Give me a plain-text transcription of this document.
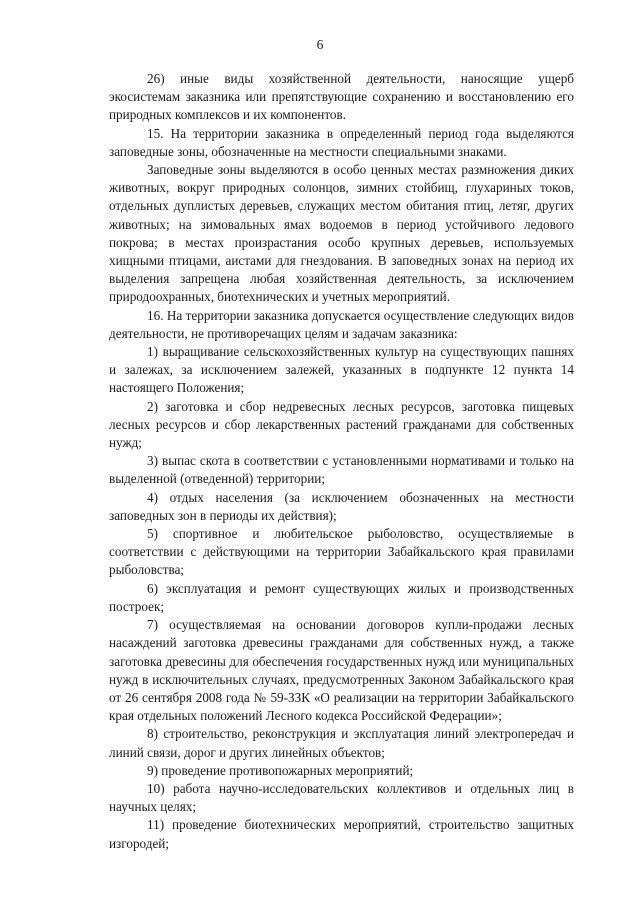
6

26) иные виды хозяйственной деятельности, наносящие ущерб экосистемам заказника или препятствующие сохранению и восстановлению его природных комплексов и их компонентов.

15. На территории заказника в определенный период года выделяются заповедные зоны, обозначенные на местности специальными знаками.

Заповедные зоны выделяются в особо ценных местах размножения диких животных, вокруг природных солонцов, зимних стойбищ, глухариных токов, отдельных дуплистых деревьев, служащих местом обитания птиц, летяг, других животных; на зимовальных ямах водоемов в период устойчивого ледового покрова; в местах произрастания особо крупных деревьев, используемых хищными птицами, аистами для гнездования. В заповедных зонах на период их выделения запрещена любая хозяйственная деятельность, за исключением природоохранных, биотехнических и учетных мероприятий.

16. На территории заказника допускается осуществление следующих видов деятельности, не противоречащих целям и задачам заказника:

1) выращивание сельскохозяйственных культур на существующих пашнях и залежах, за исключением залежей, указанных в подпункте 12 пункта 14 настоящего Положения;

2) заготовка и сбор недревесных лесных ресурсов, заготовка пищевых лесных ресурсов и сбор лекарственных растений гражданами для собственных нужд;

3) выпас скота в соответствии с установленными нормативами и только на выделенной (отведенной) территории;

4) отдых населения (за исключением обозначенных на местности заповедных зон в периоды их действия);

5) спортивное и любительское рыболовство, осуществляемые в соответствии с действующими на территории Забайкальского края правилами рыболовства;

6) эксплуатация и ремонт существующих жилых и производственных построек;

7) осуществляемая на основании договоров купли-продажи лесных насаждений заготовка древесины гражданами для собственных нужд, а также заготовка древесины для обеспечения государственных нужд или муниципальных нужд в исключительных случаях, предусмотренных Законом Забайкальского края от 26 сентября 2008 года № 59-ЗЗК «О реализации на территории Забайкальского края отдельных положений Лесного кодекса Российской Федерации»;

8) строительство, реконструкция и эксплуатация линий электропередач и линий связи, дорог и других линейных объектов;

9) проведение противопожарных мероприятий;

10) работа научно-исследовательских коллективов и отдельных лиц в научных целях;

11) проведение биотехнических мероприятий, строительство защитных изгородей;
